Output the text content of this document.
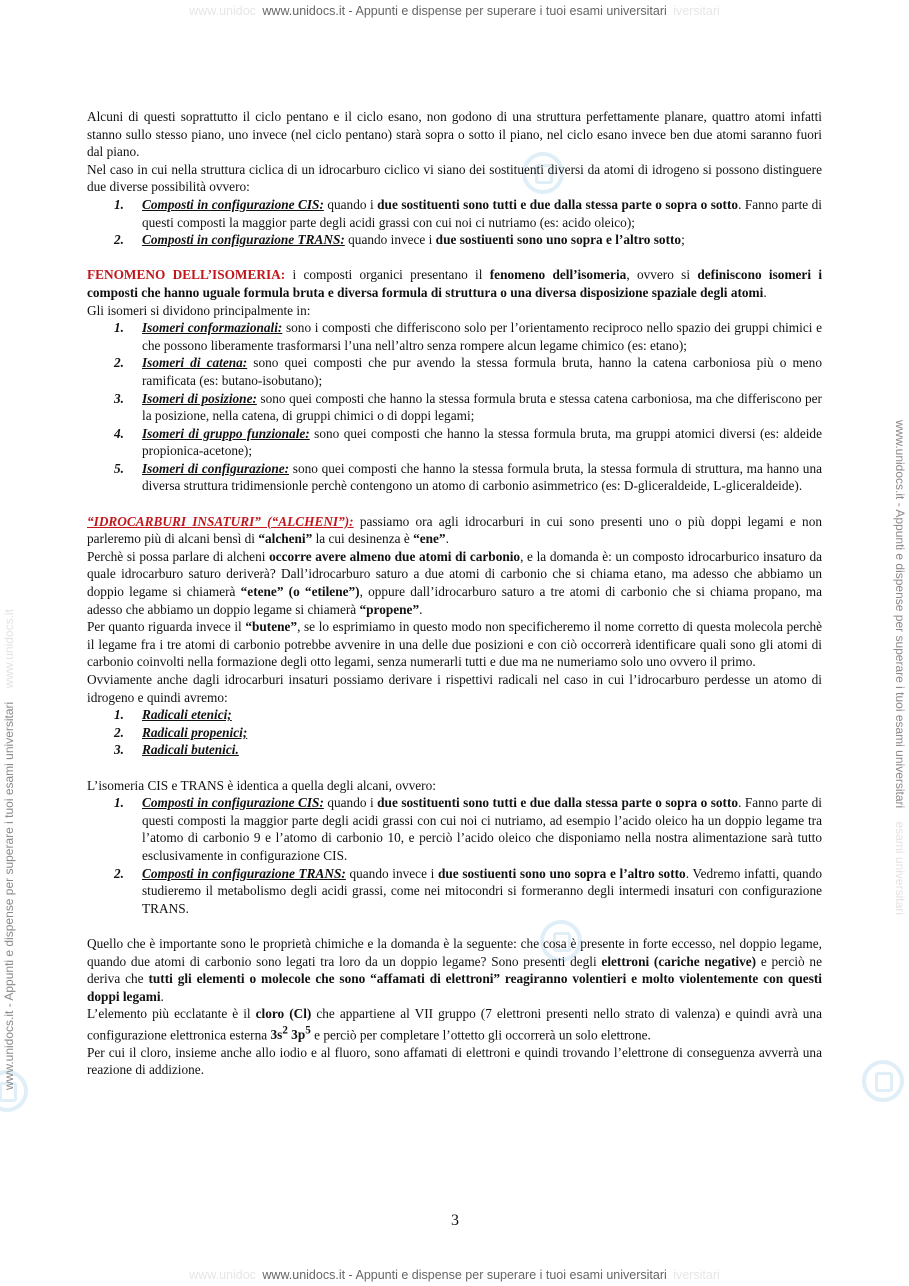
www.unidoc www.unidocs.it - Appunti e dispense per superare i tuoi esami universitari iversitari
www.unidocs.it - Appunti e dispense per superare i tuoi esami universitari    www.unidocs.it	www.unidocs.it - Appunti e dispense per superare i tuoi esami universitari    esami universitari

Alcuni di questi soprattutto il ciclo pentano e il ciclo esano, non godono di una struttura perfettamente planare, quattro atomi infatti stanno sullo stesso piano, uno invece (nel ciclo pentano) starà sopra o sotto il piano, nel ciclo esano invece ben due atomi saranno fuori dal piano.

Nel caso in cui nella struttura ciclica di un idrocarburo ciclico vi siano dei sostituenti diversi da atomi di idrogeno si possono distinguere due diverse possibilità ovvero:

1. Composti in configurazione CIS: quando i due sostituenti sono tutti e due dalla stessa parte o sopra o sotto. Fanno parte di questi composti la maggior parte degli acidi grassi con cui noi ci nutriamo (es: acido oleico);
2. Composti in configurazione TRANS: quando invece i due sostiuenti sono uno sopra e l’altro sotto;

FENOMENO DELL’ISOMERIA: i composti organici presentano il fenomeno dell’isomeria, ovvero si definiscono isomeri i composti che hanno uguale formula bruta e diversa formula di struttura o una diversa disposizione spaziale degli atomi.

Gli isomeri si dividono principalmente in:

1. Isomeri conformazionali: sono i composti che differiscono solo per l’orientamento reciproco nello spazio dei gruppi chimici e che possono liberamente trasformarsi l’una nell’altro senza rompere alcun legame chimico (es: etano);
2. Isomeri di catena: sono quei composti che pur avendo la stessa formula bruta, hanno la catena carboniosa più o meno ramificata (es: butano-isobutano);
3. Isomeri di posizione: sono quei composti che hanno la stessa formula bruta e stessa catena carboniosa, ma che differiscono per la posizione, nella catena, di gruppi chimici o di doppi legami;
4. Isomeri di gruppo funzionale: sono quei composti che hanno la stessa formula bruta, ma gruppi atomici diversi (es: aldeide propionica-acetone);
5. Isomeri di configurazione: sono quei composti che hanno la stessa formula bruta, la stessa formula di struttura, ma hanno una diversa struttura tridimensionle perchè contengono un atomo di carbonio asimmetrico (es: D-gliceraldeide, L-gliceraldeide).

“IDROCARBURI INSATURI” (“ALCHENI”): passiamo ora agli idrocarburi in cui sono presenti uno o più doppi legami e non parleremo più di alcani bensì di “alcheni” la cui desinenza è “ene”.

Perchè si possa parlare di alcheni occorre avere almeno due atomi di carbonio, e la domanda è: un composto idrocarburico insaturo da quale idrocarburo saturo deriverà? Dall’idrocarburo saturo a due atomi di carbonio che si chiama etano, ma adesso che abbiamo un doppio legame si chiamerà “etene” (o “etilene”), oppure dall’idrocarburo saturo a tre atomi di carbonio che si chiama propano, ma adesso che abbiamo un doppio legame si chiamerà “propene”.

Per quanto riguarda invece il “butene”, se lo esprimiamo in questo modo non specificheremo il nome corretto di questa molecola perchè il legame fra i tre atomi di carbonio potrebbe avvenire in una delle due posizioni e con ciò occorrerà identificare quali sono gli atomi di carbonio coinvolti nella formazione degli otto legami, senza numerarli tutti e due ma ne numeriamo solo uno ovvero il primo.

Ovviamente anche dagli idrocarburi insaturi possiamo derivare i rispettivi radicali nel caso in cui l’idrocarburo perdesse un atomo di idrogeno e quindi avremo:

1. Radicali etenici;
2. Radicali propenici;
3. Radicali butenici.

L’isomeria CIS e TRANS è identica a quella degli alcani, ovvero:

1. Composti in configurazione CIS: quando i due sostituenti sono tutti e due dalla stessa parte o sopra o sotto. Fanno parte di questi composti la maggior parte degli acidi grassi con cui noi ci nutriamo, ad esempio l’acido oleico ha un doppio legame tra l’atomo di carbonio 9 e l’atomo di carbonio 10, e perciò l’acido oleico che disponiamo nella nostra alimentazione sarà tutto esclusivamente in configurazione CIS.
2. Composti in configurazione TRANS: quando invece i due sostiuenti sono uno sopra e l’altro sotto. Vedremo infatti, quando studieremo il metabolismo degli acidi grassi, come nei mitocondri si formeranno degli intermedi insaturi con configurazione TRANS.

Quello che è importante sono le proprietà chimiche e la domanda è la seguente: che cosa è presente in forte eccesso, nel doppio legame, quando due atomi di carbonio sono legati tra loro da un doppio legame? Sono presenti degli elettroni (cariche negative) e perciò ne deriva che tutti gli elementi o molecole che sono “affamati di elettroni” reagiranno volentieri e molto violentemente con questi doppi legami.

L’elemento più ecclatante è il cloro (Cl) che appartiene al VII gruppo (7 elettroni presenti nello strato di valenza) e quindi avrà una configurazione elettronica esterna $3s^2$ $3p^5$ e perciò per completare l’ottetto gli occorrerà un solo elettrone.

Per cui il cloro, insieme anche allo iodio e al fluoro, sono affamati di elettroni e quindi trovando l’elettrone di conseguenza avverrà una reazione di addizione.

3
www.unidoc www.unidocs.it - Appunti e dispense per superare i tuoi esami universitari iversitari
